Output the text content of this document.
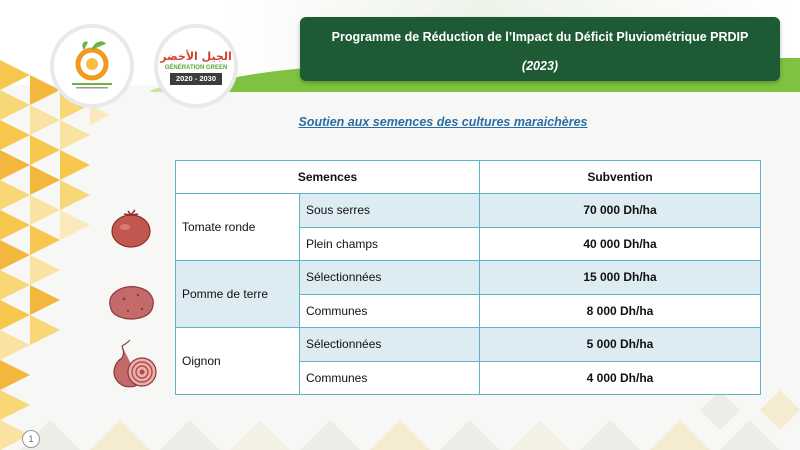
الجيل الأخضر
GÉNÉRATION GREEN
2020 - 2030
Programme de Réduction de l’Impact du Déficit Pluviométrique PRDIP
(2023)
Soutien aux semences des cultures maraichères
Semences		Subvention
Tomate ronde	Sous serres	70 000 Dh/ha
	Plein champs	40 000 Dh/ha
Pomme de terre	Sélectionnées	15 000 Dh/ha
	Communes	8 000 Dh/ha
Oignon	Sélectionnées	5 000 Dh/ha
	Communes	4 000 Dh/ha
1
